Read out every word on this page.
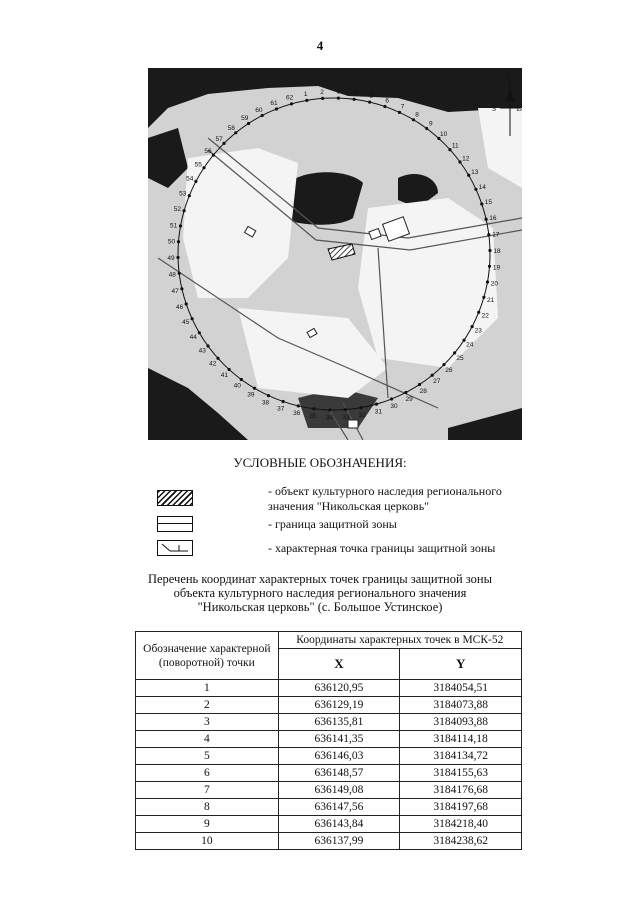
4
С
З	В
1 2 3 4 5
6
7
8
9
10
11
12
13
14
15
16
17
18
19
20
21
22
23
24
25
26
27
28
29
30
31
32
33
34
35
36
37
38
39
40
41
42
43
44
45
46
47
48
49
50
51
52
53
54
55
56
57
58
59
60
61
62
УСЛОВНЫЕ ОБОЗНАЧЕНИЯ:
- объект культурного наследия регионального
значения "Никольская церковь"
- граница защитной зоны
- характерная точка границы защитной зоны
Перечень координат характерных точек границы защитной зоны
объекта культурного наследия регионального значения
"Никольская церковь" (с. Большое Устинское)
Обозначение характерной (поворотной) точки	Координаты характерных точек в МСК-52	
	X	Y
1	636120,95	3184054,51
2	636129,19	3184073,88
3	636135,81	3184093,88
4	636141,35	3184114,18
5	636146,03	3184134,72
6	636148,57	3184155,63
7	636149,08	3184176,68
8	636147,56	3184197,68
9	636143,84	3184218,40
10	636137,99	3184238,62
